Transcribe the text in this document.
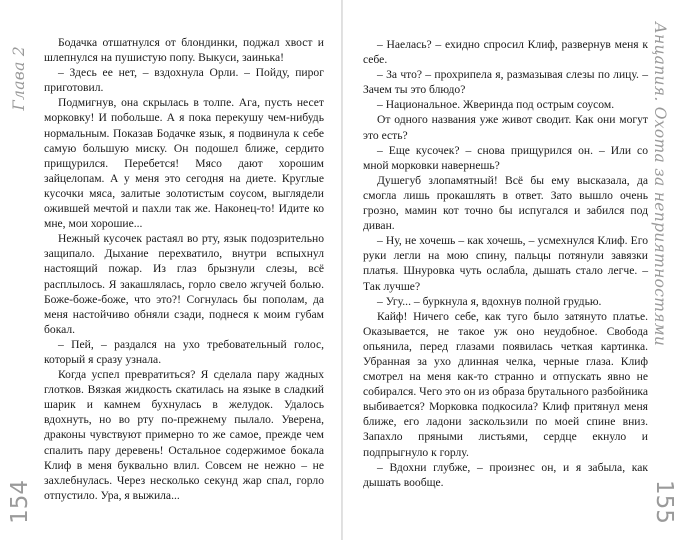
Глава 2

Бодачка отшатнулся от блондинки, поджал хвост и шлепнулся на пушистую попу. Выкуси, заинька!

– Здесь ее нет, – вздохнула Орли. – Пойду, пирог приготовил.

Подмигнув, она скрылась в толпе. Ага, пусть несет морковку! И побольше. А я пока перекушу чем-нибудь нормальным. Показав Бодачке язык, я подвинула к себе самую большую миску. Он подошел ближе, сердито прищурился. Перебется! Мясо дают хорошим зайцелопам. А у меня это сегодня на диете. Круглые кусочки мяса, залитые золотистым соусом, выглядели ожившей мечтой и пахли так же. Наконец-то! Идите ко мне, мои хорошие...

Нежный кусочек растаял во рту, язык подозрительно защипало. Дыхание перехватило, внутри вспыхнул настоящий пожар. Из глаз брызнули слезы, всё расплылось. Я закашлялась, горло свело жгучей болью. Боже-боже-боже, что это?! Согнулась бы пополам, да меня настойчиво обняли сзади, поднеся к моим губам бокал.

– Пей, – раздался на ухо требовательный голос, который я сразу узнала.

Когда успел превратиться? Я сделала пару жадных глотков. Вязкая жидкость скатилась на языке в сладкий шарик и камнем бухнулась в желудок. Удалось вдохнуть, но во рту по-прежнему пылало. Уверена, драконы чувствуют примерно то же самое, прежде чем спалить пару деревень! Остальное содержимое бокала Клиф в меня буквально влил. Совсем не нежно – не захлебнулась. Через несколько секунд жар спал, горло отпустило. Ура, я выжила...

154

– Наелась? – ехидно спросил Клиф, развернув меня к себе.

– За что? – прохрипела я, размазывая слезы по лицу. – Зачем ты это блюдо?

– Национальное. Жверинда под острым соусом.

От одного названия уже живот сводит. Как они могут это есть?

– Еще кусочек? – снова прищурился он. – Или со мной морковки навернешь?

Душегуб злопамятный! Всё бы ему высказала, да смогла лишь прокашлять в ответ. Зато вышло очень грозно, мамин кот точно бы испугался и забился под диван.

– Ну, не хочешь – как хочешь, – усмехнулся Клиф. Его руки легли на мою спину, пальцы потянули завязки платья. Шнуровка чуть ослабла, дышать стало легче. – Так лучше?

– Угу... – буркнула я, вдохнув полной грудью.

Кайф! Ничего себе, как туго было затянуто платье. Оказывается, не такое уж оно неудобное. Свобода опьянила, перед глазами появилась четкая картинка. Убранная за ухо длинная челка, черные глаза. Клиф смотрел на меня как-то странно и отпускать явно не собирался. Чего это он из образа брутального разбойника выбивается? Морковка подкосила? Клиф притянул меня ближе, его ладони заскользили по моей спине вниз. Запахло пряными листьями, сердце екнуло и подпрыгнуло к горлу.

– Вдохни глубже, – произнес он, и я забыла, как дышать вообще.

Анцапия. Охота за неприятностями
155
